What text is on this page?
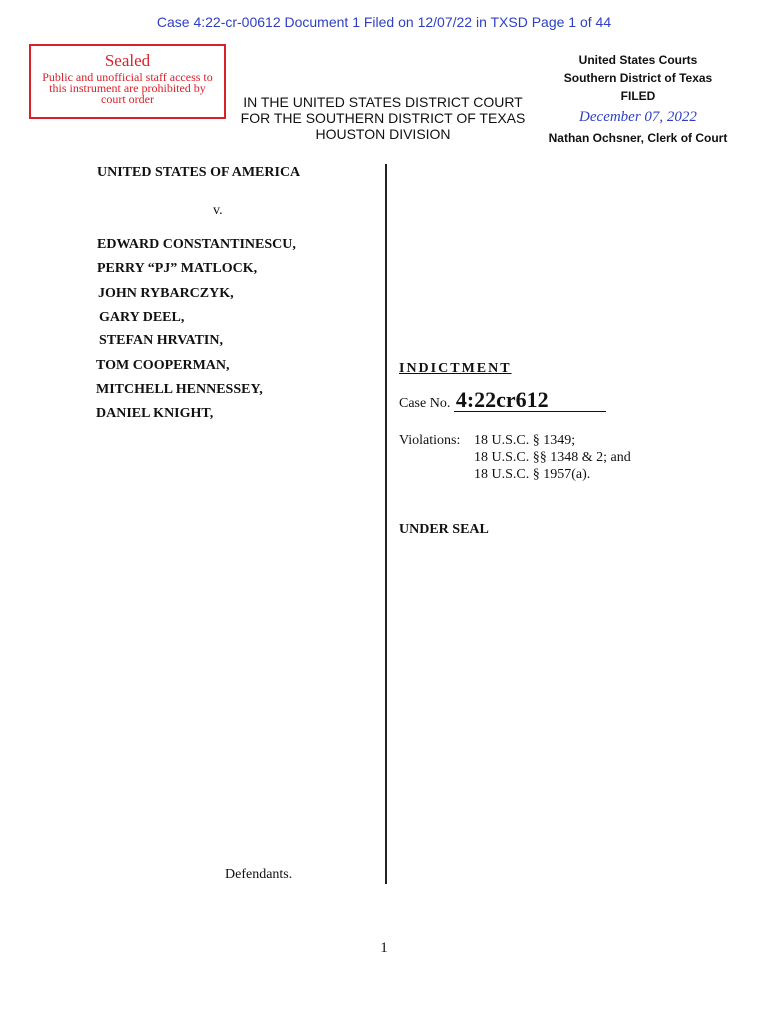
Case 4:22-cr-00612 Document 1 Filed on 12/07/22 in TXSD Page 1 of 44
Sealed
Public and unofficial staff access to this instrument are prohibited by court order	IN THE UNITED STATES DISTRICT COURT
FOR THE SOUTHERN DISTRICT OF TEXAS
HOUSTON DIVISION
United States Courts
Southern District of Texas
FILED
December 07, 2022
Nathan Ochsner, Clerk of Court
UNITED STATES OF AMERICA
v.
EDWARD CONSTANTINESCU,
PERRY “PJ” MATLOCK,
JOHN RYBARCZYK,
GARY DEEL,
STEFAN HRVATIN,
TOM COOPERMAN,
MITCHELL HENNESSEY,
DANIEL KNIGHT,
INDICTMENT
Case No. 4:22cr612
Violations: 18 U.S.C. § 1349;
18 U.S.C. §§ 1348 & 2; and
18 U.S.C. § 1957(a).
UNDER SEAL
Defendants.
1
